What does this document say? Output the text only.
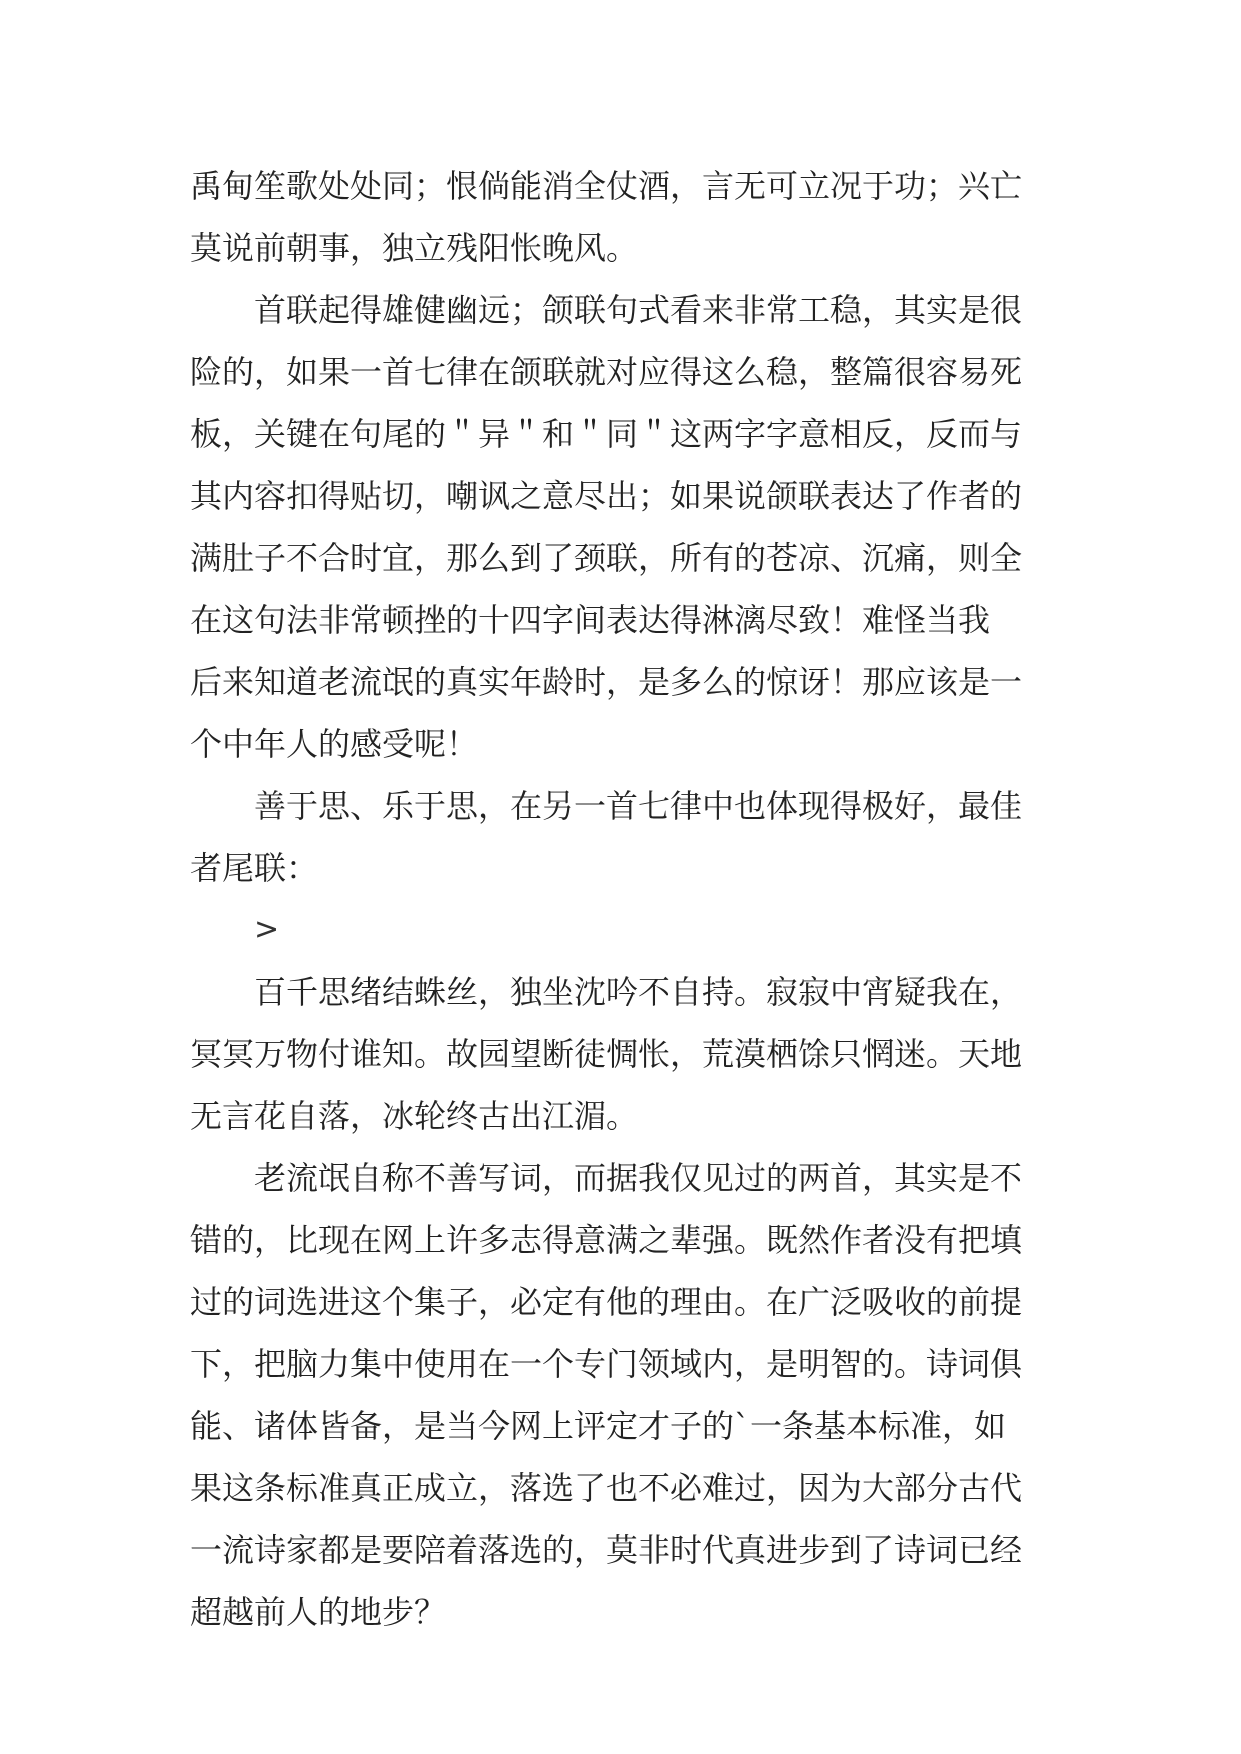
禹甸笙歌处处同；恨倘能消全仗酒，言无可立况于功；兴亡
莫说前朝事，独立残阳怅晚风。
首联起得雄健幽远；颌联句式看来非常工稳，其实是很
险的，如果一首七律在颌联就对应得这么稳，整篇很容易死
板，关键在句尾的＂异＂和＂同＂这两字字意相反，反而与
其内容扣得贴切，嘲讽之意尽出；如果说颌联表达了作者的
满肚子不合时宜，那么到了颈联，所有的苍凉、沉痛，则全
在这句法非常顿挫的十四字间表达得淋漓尽致！难怪当我
后来知道老流氓的真实年龄时，是多么的惊讶！那应该是一
个中年人的感受呢！
善于思、乐于思，在另一首七律中也体现得极好，最佳
者尾联：
>
百千思绪结蛛丝，独坐沈吟不自持。寂寂中宵疑我在，
冥冥万物付谁知。故园望断徒惆怅，荒漠栖馀只惘迷。天地
无言花自落，冰轮终古出江湄。
老流氓自称不善写词，而据我仅见过的两首，其实是不
错的，比现在网上许多志得意满之辈强。既然作者没有把填
过的词选进这个集子，必定有他的理由。在广泛吸收的前提
下，把脑力集中使用在一个专门领域内，是明智的。诗词俱
能、诸体皆备，是当今网上评定才子的`一条基本标准，如
果这条标准真正成立，落选了也不必难过，因为大部分古代
一流诗家都是要陪着落选的，莫非时代真进步到了诗词已经
超越前人的地步？
